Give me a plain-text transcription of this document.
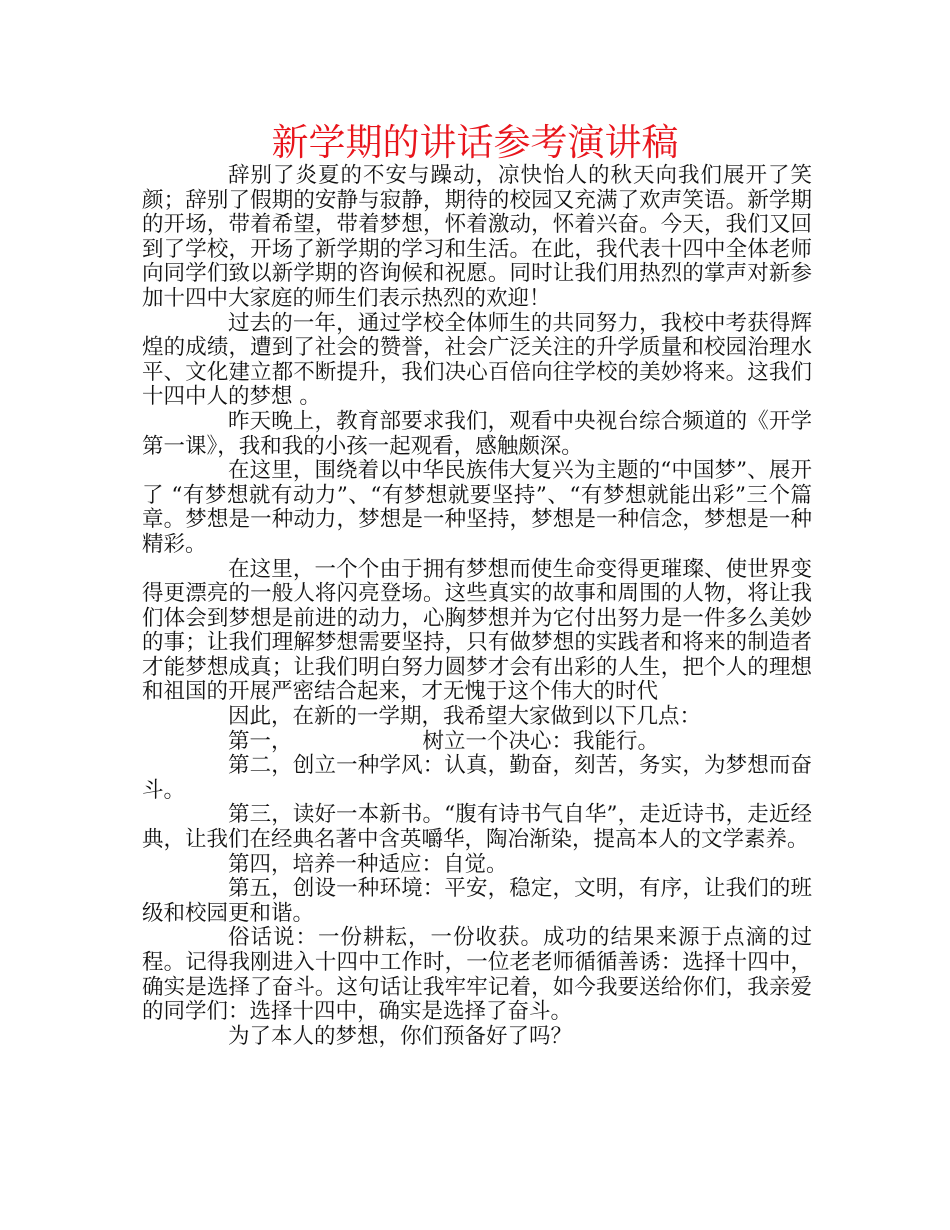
新学期的讲话参考演讲稿

辞别了炎夏的不安与躁动，凉快怡人的秋天向我们展开了笑颜；辞别了假期的安静与寂静，期待的校园又充满了欢声笑语。新学期的开场，带着希望，带着梦想，怀着激动，怀着兴奋。今天，我们又回到了学校，开场了新学期的学习和生活。在此，我代表十四中全体老师向同学们致以新学期的咨询候和祝愿。同时让我们用热烈的掌声对新参加十四中大家庭的师生们表示热烈的欢迎！

过去的一年，通过学校全体师生的共同努力，我校中考获得辉煌的成绩，遭到了社会的赞誉，社会广泛关注的升学质量和校园治理水平、文化建立都不断提升，我们决心百倍向往学校的美妙将来。这我们十四中人的梦想 。

昨天晚上，教育部要求我们，观看中央视台综合频道的《开学第一课》，我和我的小孩一起观看，感触颇深。

在这里，围绕着以中华民族伟大复兴为主题的“中国梦”、展开了 “有梦想就有动力”、“有梦想就要坚持”、“有梦想就能出彩”三个篇章。梦想是一种动力，梦想是一种坚持，梦想是一种信念，梦想是一种精彩。

在这里，一个个由于拥有梦想而使生命变得更璀璨、使世界变得更漂亮的一般人将闪亮登场。这些真实的故事和周围的人物，将让我们体会到梦想是前进的动力，心胸梦想并为它付出努力是一件多么美妙的事；让我们理解梦想需要坚持，只有做梦想的实践者和将来的制造者才能梦想成真；让我们明白努力圆梦才会有出彩的人生，把个人的理想和祖国的开展严密结合起来，才无愧于这个伟大的时代

因此，在新的一学期，我希望大家做到以下几点：

第一，	树立一个决心：我能行。

第二，创立一种学风：认真，勤奋，刻苦，务实，为梦想而奋斗。

第三，读好一本新书。“腹有诗书气自华”，走近诗书，走近经典，让我们在经典名著中含英嚼华，陶冶渐染，提高本人的文学素养。

第四，培养一种适应：自觉。

第五，创设一种环境：平安，稳定，文明，有序，让我们的班级和校园更和谐。

俗话说：一份耕耘，一份收获。成功的结果来源于点滴的过程。记得我刚进入十四中工作时，一位老老师循循善诱：选择十四中，确实是选择了奋斗。这句话让我牢牢记着，如今我要送给你们，我亲爱的同学们：选择十四中，确实是选择了奋斗。

为了本人的梦想，你们预备好了吗？
